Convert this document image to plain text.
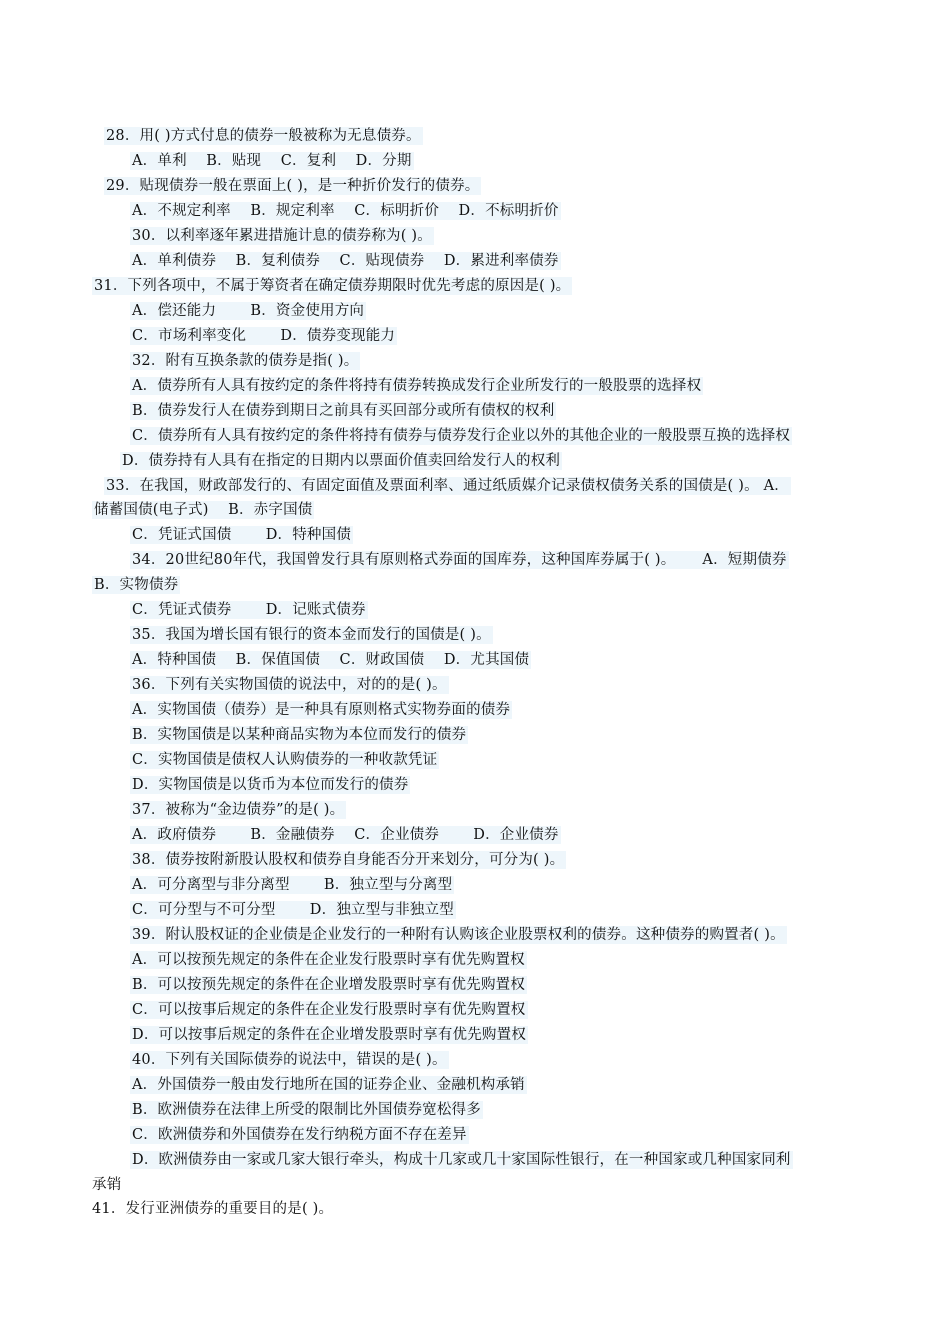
28．用( )方式付息的债券一般被称为无息债券。
A．单利　 B．贴现　 C．复利　 D．分期
29．贴现债券一般在票面上( )，是一种折价发行的债券。
A．不规定利率　 B．规定利率　 C．标明折价　 D．不标明折价
30．以利率逐年累进措施计息的债券称为( )。
A．单利债券　 B．复利债券　 C．贴现债券　 D．累进利率债券
31．下列各项中，不属于筹资者在确定债券期限时优先考虑的原因是( )。
A．偿还能力　　 B．资金使用方向
C．市场利率变化　　 D．债券变现能力
32．附有互换条款的债券是指( )。
A．债券所有人具有按约定的条件将持有债券转换成发行企业所发行的一般股票的选择权
B．债券发行人在债券到期日之前具有买回部分或所有债权的权利
C．债券所有人具有按约定的条件将持有债券与债券发行企业以外的其他企业的一般股票互换的选择权
D．债券持有人具有在指定的日期内以票面价值卖回给发行人的权利
33．在我国，财政部发行的、有固定面值及票面利率、通过纸质媒介记录债权债务关系的国债是( )。 A．
储蓄国债(电子式)　 B．赤字国债
C．凭证式国债　　 D．特种国债
34．20世纪80年代，我国曾发行具有原则格式券面的国库券，这种国库券属于( )。　　 A．短期债券
B．实物债券
C．凭证式债券　　 D．记账式债券
35．我国为增长国有银行的资本金而发行的国债是( )。
A．特种国债　 B．保值国债　 C．财政国债　 D．尤其国债
36．下列有关实物国债的说法中，对的的是( )。
A．实物国债（债券）是一种具有原则格式实物券面的债券
B．实物国债是以某种商品实物为本位而发行的债券
C．实物国债是债权人认购债券的一种收款凭证
D．实物国债是以货币为本位而发行的债券
37．被称为“金边债券”的是( )。
A．政府债券　　 B．金融债券　 C．企业债券　　 D．企业债券
38．债券按附新股认股权和债券自身能否分开来划分，可分为( )。
A．可分离型与非分离型　　 B．独立型与分离型
C．可分型与不可分型　　 D．独立型与非独立型
39．附认股权证的企业债是企业发行的一种附有认购该企业股票权利的债券。这种债券的购置者( )。
A．可以按预先规定的条件在企业发行股票时享有优先购置权
B．可以按预先规定的条件在企业增发股票时享有优先购置权
C．可以按事后规定的条件在企业发行股票时享有优先购置权
D．可以按事后规定的条件在企业增发股票时享有优先购置权
40．下列有关国际债券的说法中，错误的是( )。
A．外国债券一般由发行地所在国的证券企业、金融机构承销
B．欧洲债券在法律上所受的限制比外国债券宽松得多
C．欧洲债券和外国债券在发行纳税方面不存在差异
D．欧洲债券由一家或几家大银行牵头，构成十几家或几十家国际性银行，在一种国家或几种国家同利
承销
41．发行亚洲债券的重要目的是( )。
